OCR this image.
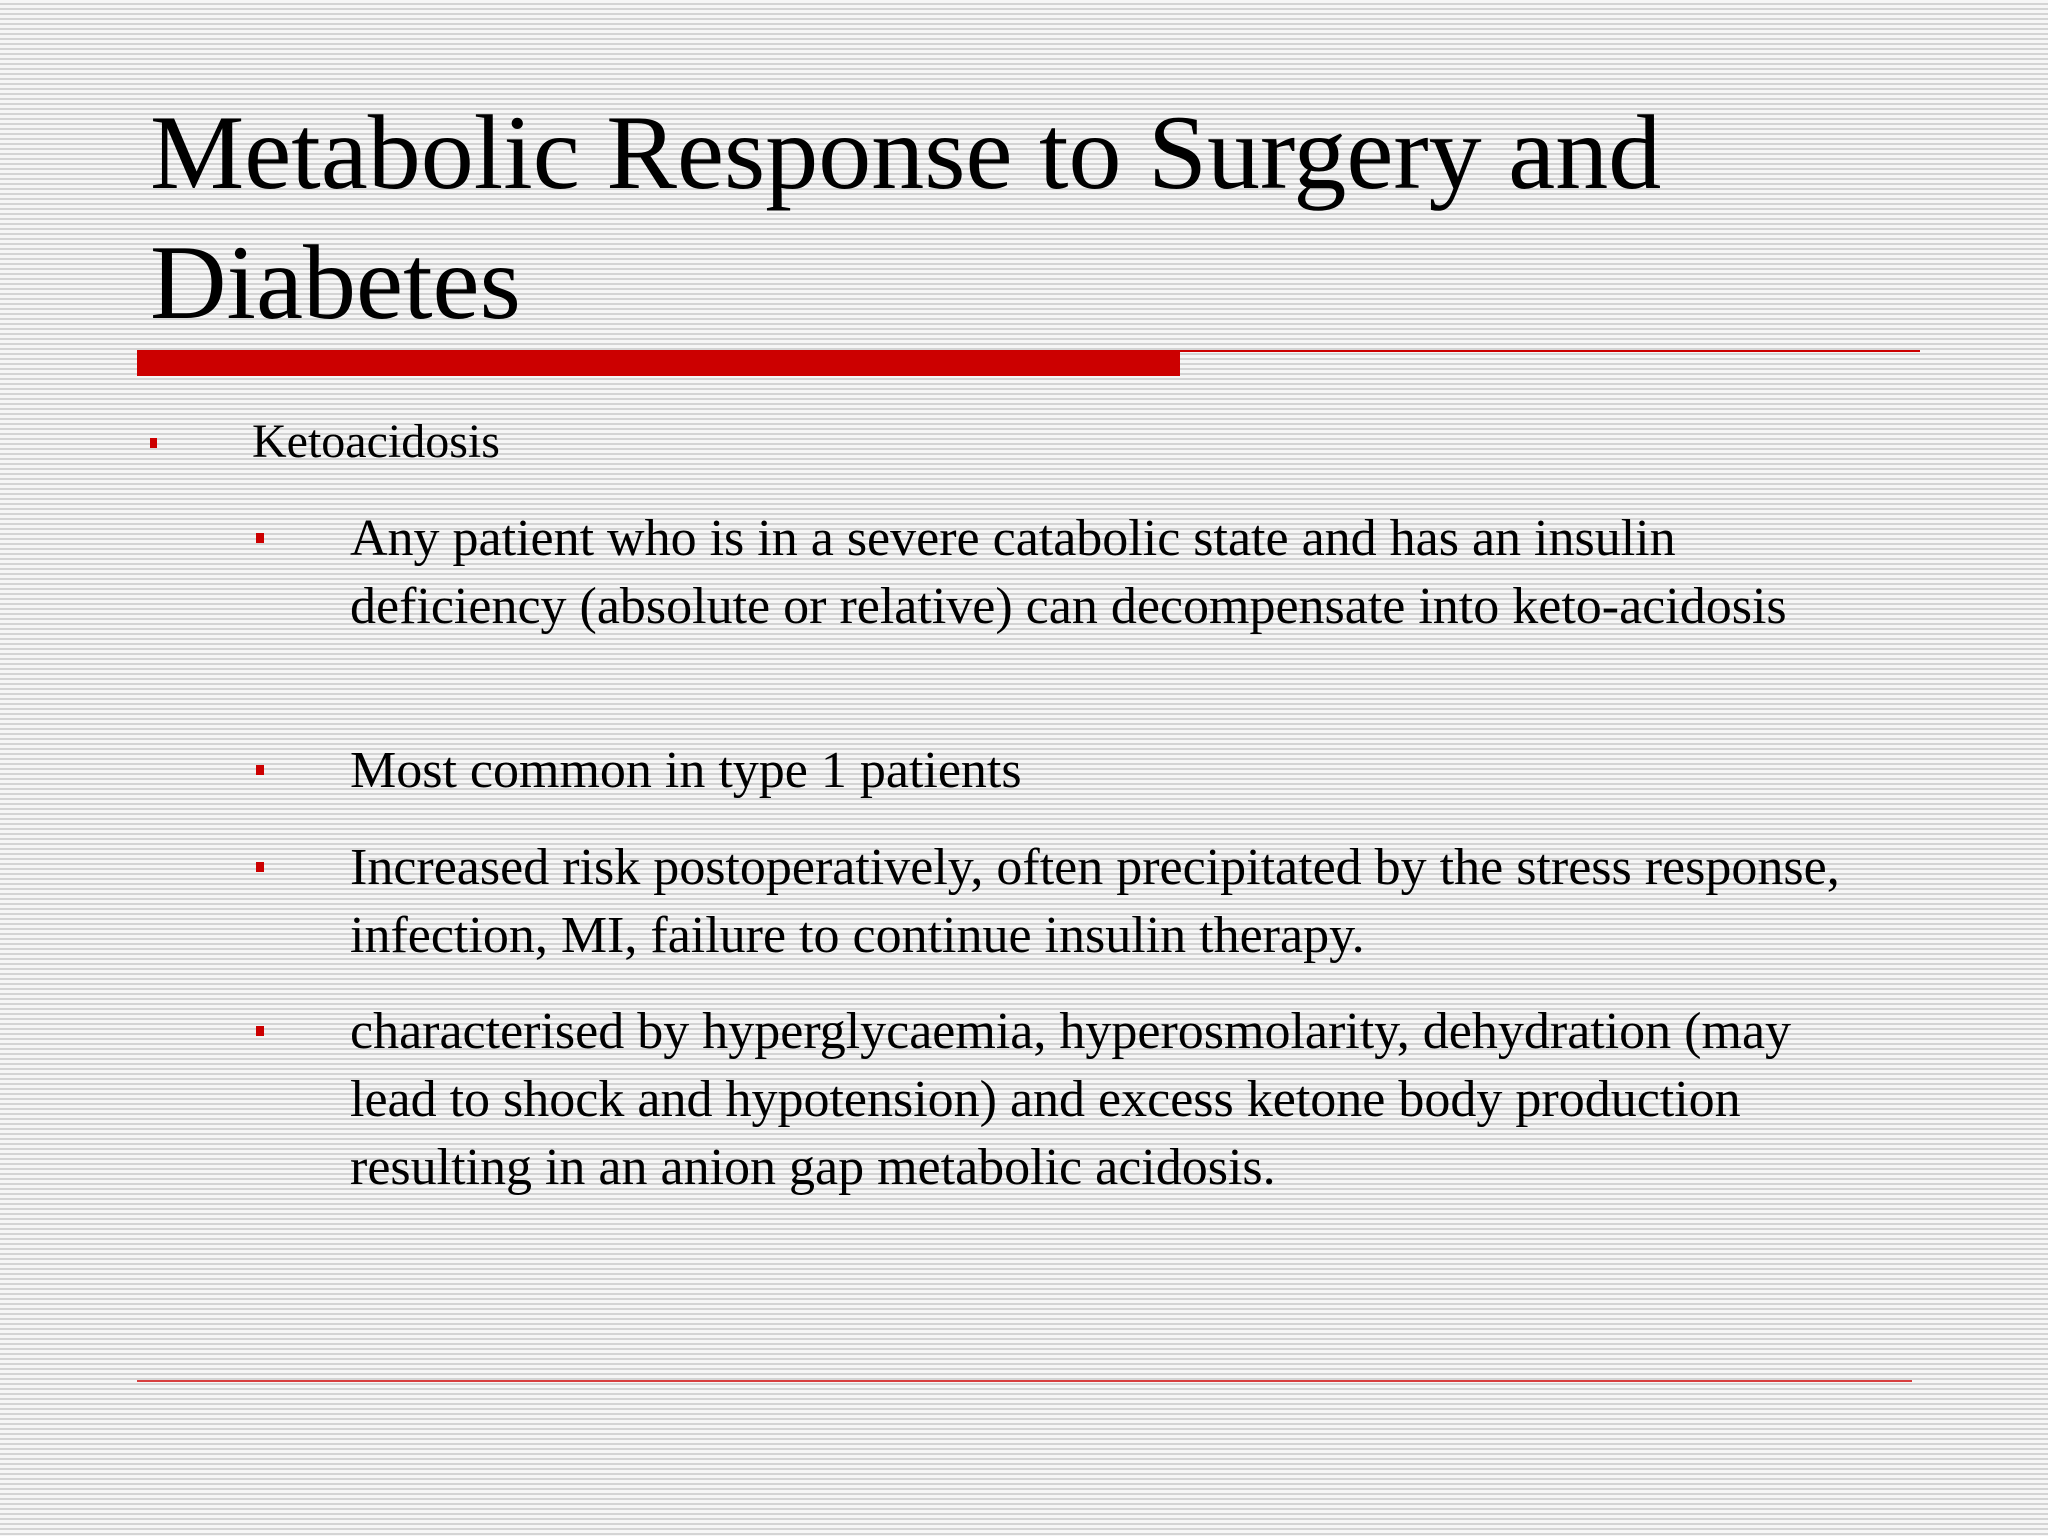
Metabolic Response to Surgery and Diabetes
Ketoacidosis
Any patient who is in a severe catabolic state and has an insulin deficiency (absolute or relative) can decompensate into keto-acidosis
Most common in type 1 patients
Increased risk postoperatively, often precipitated by the stress response, infection, MI, failure to continue insulin therapy.
characterised by hyperglycaemia, hyperosmolarity, dehydration (may lead to shock and hypotension) and excess ketone body production resulting in an anion gap metabolic acidosis.
